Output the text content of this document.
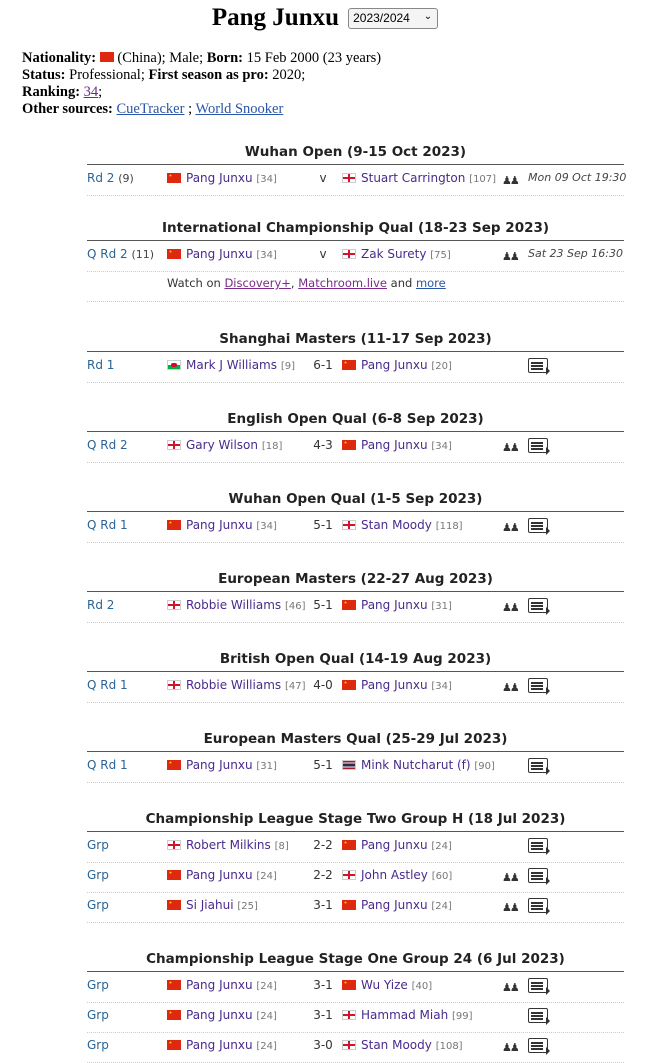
Pang Junxu 2023/2024 ⌄
Nationality: (China); Male; Born: 15 Feb 2000 (23 years)
Status: Professional; First season as pro: 2020;
Ranking: 34;
Other sources: CueTracker ; World Snooker
Wuhan Open (9-15 Oct 2023)
Rd 2 (9)	Pang Junxu [34]	v	Stuart Carrington [107] ♟♟ Mon 09 Oct 19:30
International Championship Qual (18-23 Sep 2023)
Q Rd 2 (11)	Pang Junxu [34]	v	Zak Surety [75]	♟♟ Sat 23 Sep 16:30
Watch on Discovery+, Matchroom.live and more
Shanghai Masters (11-17 Sep 2023)
Rd 1	Mark J Williams [9] 6-1	Pang Junxu [20]
English Open Qual (6-8 Sep 2023)
Q Rd 2	Gary Wilson [18]	4-3	Pang Junxu [34]	♟♟
Wuhan Open Qual (1-5 Sep 2023)
Q Rd 1	Pang Junxu [34]	5-1	Stan Moody [118]	♟♟
European Masters (22-27 Aug 2023)
Rd 2	Robbie Williams [46] 5-1	Pang Junxu [31]	♟♟
British Open Qual (14-19 Aug 2023)
Q Rd 1	Robbie Williams [47] 4-0	Pang Junxu [34]	♟♟
European Masters Qual (25-29 Jul 2023)
Q Rd 1	Pang Junxu [31]	5-1	Mink Nutcharut (f) [90]
Championship League Stage Two Group H (18 Jul 2023)
Grp	Robert Milkins [8] 2-2	Pang Junxu [24]
Grp	Pang Junxu [24]	2-2	John Astley [60]	♟♟
Grp	Si Jiahui [25]	3-1	Pang Junxu [24]	♟♟
Championship League Stage One Group 24 (6 Jul 2023)
Grp	Pang Junxu [24]	3-1	Wu Yize [40]	♟♟
Grp	Pang Junxu [24]	3-1	Hammad Miah [99]
Grp	Pang Junxu [24]	3-0	Stan Moody [108]	♟♟
